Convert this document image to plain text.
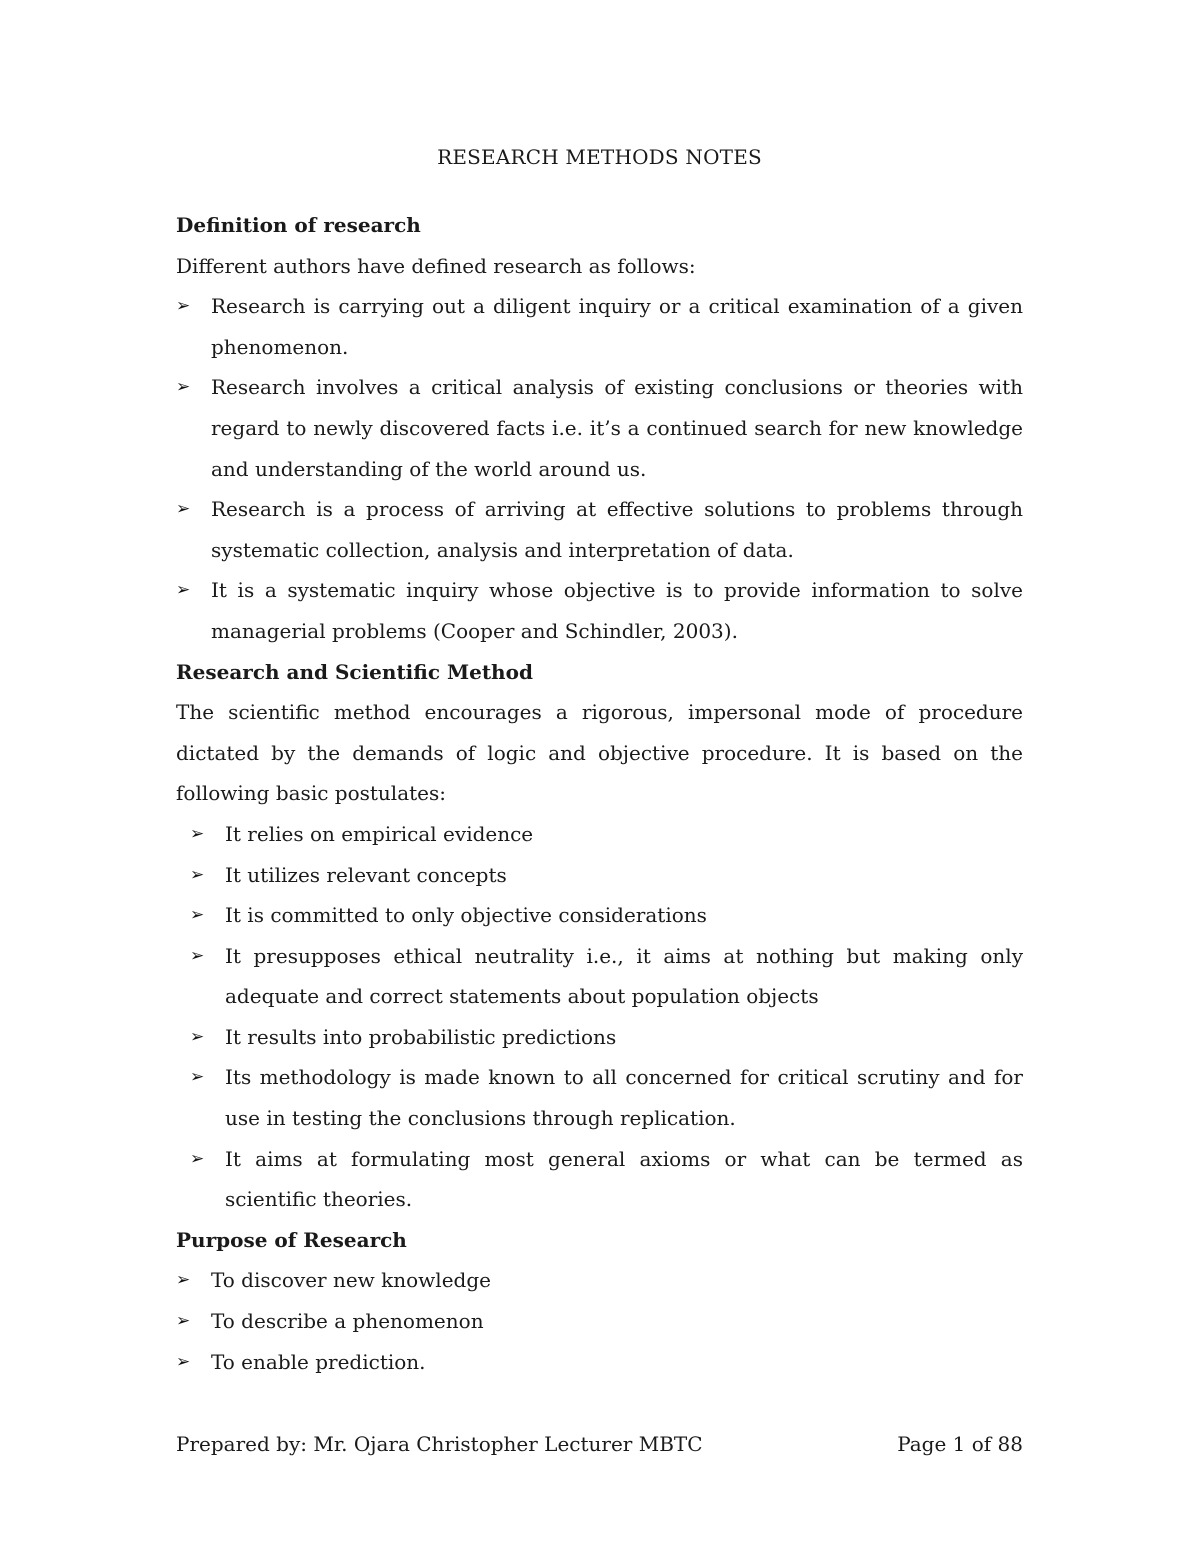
RESEARCH METHODS NOTES

Definition of research

Different authors have defined research as follows:

➢ Research is carrying out a diligent inquiry or a critical examination of a given phenomenon.
➢ Research involves a critical analysis of existing conclusions or theories with regard to newly discovered facts i.e. it’s a continued search for new knowledge and understanding of the world around us.
➢ Research is a process of arriving at effective solutions to problems through systematic collection, analysis and interpretation of data.
➢ It is a systematic inquiry whose objective is to provide information to solve managerial problems (Cooper and Schindler, 2003).

Research and Scientific Method

The scientific method encourages a rigorous, impersonal mode of procedure dictated by the demands of logic and objective procedure. It is based on the following basic postulates:

➢ It relies on empirical evidence
➢ It utilizes relevant concepts
➢ It is committed to only objective considerations
➢ It presupposes ethical neutrality i.e., it aims at nothing but making only adequate and correct statements about population objects
➢ It results into probabilistic predictions
➢ Its methodology is made known to all concerned for critical scrutiny and for use in testing the conclusions through replication.
➢ It aims at formulating most general axioms or what can be termed as scientific theories.

Purpose of Research

➢ To discover new knowledge
➢ To describe a phenomenon
➢ To enable prediction.
Prepared by: Mr. Ojara Christopher Lecturer MBTC	Page 1 of 88
